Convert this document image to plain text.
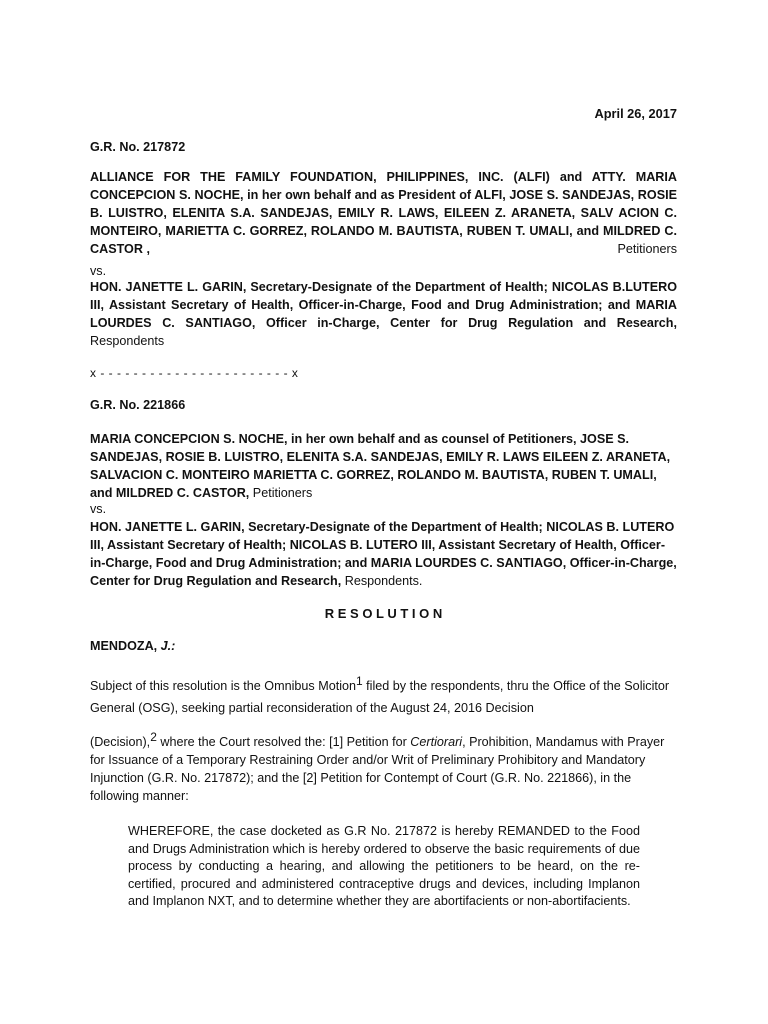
April 26, 2017
G.R. No. 217872
ALLIANCE FOR THE FAMILY FOUNDATION, PHILIPPINES, INC. (ALFI) and ATTY. MARIA CONCEPCION S. NOCHE, in her own behalf and as President of ALFI, JOSE S. SANDEJAS, ROSIE B. LUISTRO, ELENITA S.A. SANDEJAS, EMILY R. LAWS, EILEEN Z. ARANETA, SALV ACION C. MONTEIRO, MARIETTA C. GORREZ, ROLANDO M. BAUTISTA, RUBEN T. UMALI, and MILDRED C. CASTOR ,	Petitioners
vs.
HON. JANETTE L. GARIN, Secretary-Designate of the Department of Health; NICOLAS B.LUTERO III, Assistant Secretary of Health, Officer-in-Charge, Food and Drug Administration; and MARIA LOURDES C. SANTIAGO, Officer in-Charge, Center for Drug Regulation and Research, Respondents
x - - - - - - - - - - - - - - - - - - - - - - - x
G.R. No. 221866
MARIA CONCEPCION S. NOCHE, in her own behalf and as counsel of Petitioners, JOSE S. SANDEJAS, ROSIE B. LUISTRO, ELENITA S.A. SANDEJAS, EMILY R. LAWS EILEEN Z. ARANETA, SALVACION C. MONTEIRO MARIETTA C. GORREZ, ROLANDO M. BAUTISTA, RUBEN T. UMALI, and MILDRED C. CASTOR, Petitioners
vs.
HON. JANETTE L. GARIN, Secretary-Designate of the Department of Health; NICOLAS B. LUTERO III, Assistant Secretary of Health; NICOLAS B. LUTERO III, Assistant Secretary of Health, Officer-in-Charge, Food and Drug Administration; and MARIA LOURDES C. SANTIAGO, Officer-in-Charge, Center for Drug Regulation and Research, Respondents.
R E S O L U T I O N
MENDOZA, J.:
Subject of this resolution is the Omnibus Motion$^1$ filed by the respondents, thru the Office of the Solicitor General (OSG), seeking partial reconsideration of the August 24, 2016 Decision
(Decision),$^2$ where the Court resolved the: [1] Petition for Certiorari, Prohibition, Mandamus with Prayer for Issuance of a Temporary Restraining Order and/or Writ of Preliminary Prohibitory and Mandatory Injunction (G.R. No. 217872); and the [2] Petition for Contempt of Court (G.R. No. 221866), in the following manner:
WHEREFORE, the case docketed as G.R No. 217872 is hereby REMANDED to the Food and Drugs Administration which is hereby ordered to observe the basic requirements of due process by conducting a hearing, and allowing the petitioners to be heard, on the re-certified, procured and administered contraceptive drugs and devices, including Implanon and Implanon NXT, and to determine whether they are abortifacients or non-abortifacients.
